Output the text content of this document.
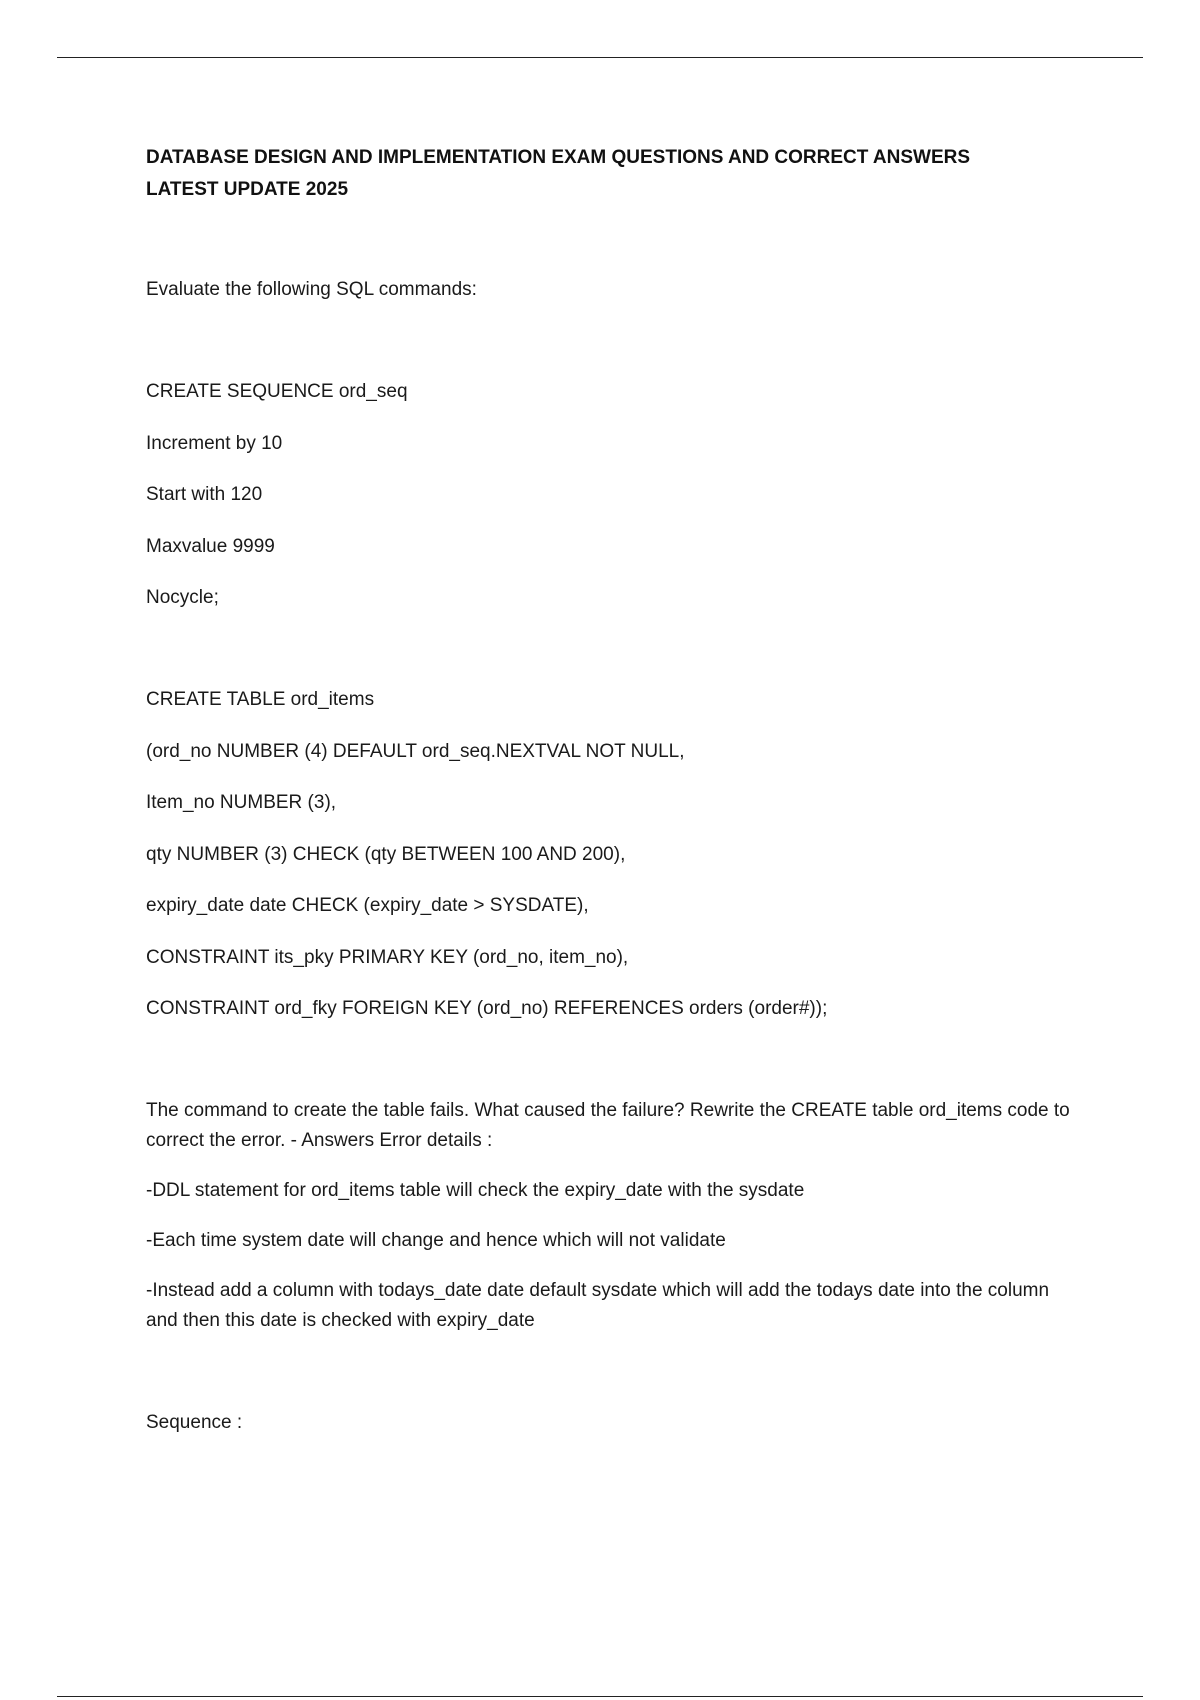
DATABASE DESIGN AND IMPLEMENTATION EXAM QUESTIONS AND CORRECT ANSWERS LATEST UPDATE 2025

Evaluate the following SQL commands:

CREATE SEQUENCE ord_seq

Increment by 10

Start with 120

Maxvalue 9999

Nocycle;

CREATE TABLE ord_items

(ord_no NUMBER (4) DEFAULT ord_seq.NEXTVAL NOT NULL,

Item_no NUMBER (3),

qty NUMBER (3) CHECK (qty BETWEEN 100 AND 200),

expiry_date date CHECK (expiry_date > SYSDATE),

CONSTRAINT its_pky PRIMARY KEY (ord_no, item_no),

CONSTRAINT ord_fky FOREIGN KEY (ord_no) REFERENCES orders (order#));

The command to create the table fails. What caused the failure? Rewrite the CREATE table ord_items code to correct the error. - Answers Error details :

-DDL statement for ord_items table will check the expiry_date with the sysdate

-Each time system date will change and hence which will not validate

-Instead add a column with todays_date date default sysdate which will add the todays date into the column and then this date is checked with expiry_date

Sequence :
